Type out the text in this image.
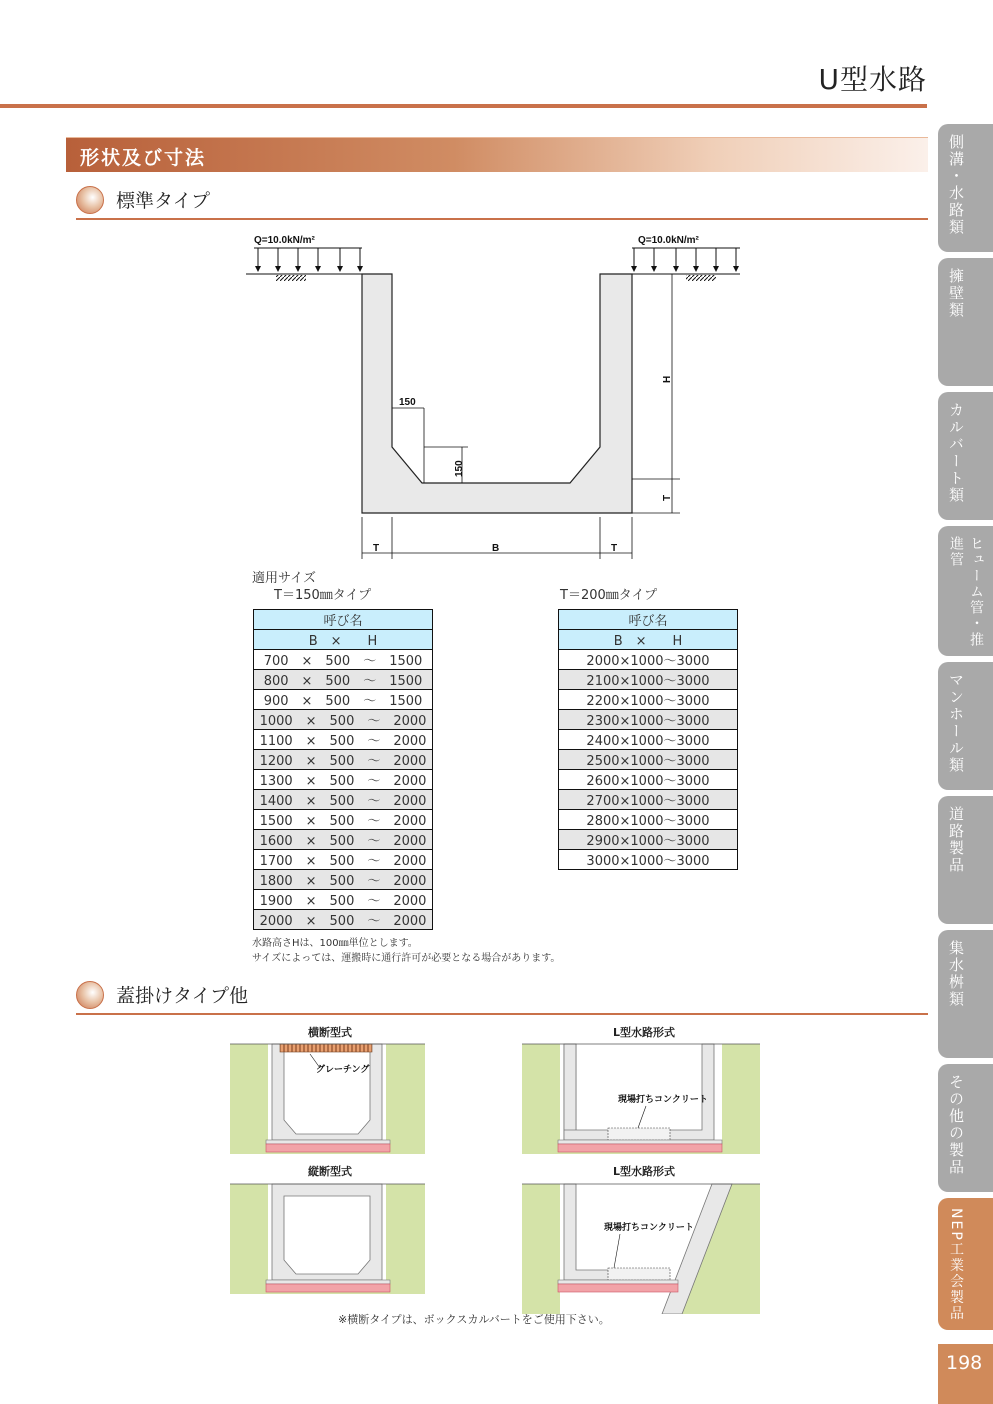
U型水路
形状及び寸法
標準タイプ
Q=10.0kN/m²	Q=10.0kN/m²
150
150
H
T
T	B	T
適用サイズ
T＝150㎜タイプ	T＝200㎜タイプ
呼び名
B　×　　H
700　×　500　～　1500
800　×　500　～　1500
900　×　500　～　1500
1000　×　500　～　2000
1100　×　500　～　2000
1200　×　500　～　2000
1300　×　500　～　2000
1400　×　500　～　2000
1500　×　500　～　2000
1600　×　500　～　2000
1700　×　500　～　2000
1800　×　500　～　2000
1900　×　500　～　2000
2000　×　500　～　2000
呼び名
B　×　　H
2000×1000～3000
2100×1000～3000
2200×1000～3000
2300×1000～3000
2400×1000～3000
2500×1000～3000
2600×1000～3000
2700×1000～3000
2800×1000～3000
2900×1000～3000
3000×1000～3000
水路高さHは、100㎜単位とします。
サイズによっては、運搬時に通行許可が必要となる場合があります。
蓋掛けタイプ他
横断型式
グレーチング
L型水路形式
現場打ちコンクリート
縦断型式	L型水路形式
現場打ちコンクリート
※横断タイプは、ボックスカルバートをご使用下さい。
側溝・水路類
擁壁類
カルバート類
ヒューム管・推進管
マンホール類
道路製品
集水桝類
その他の製品
NEP工業会製品
198
